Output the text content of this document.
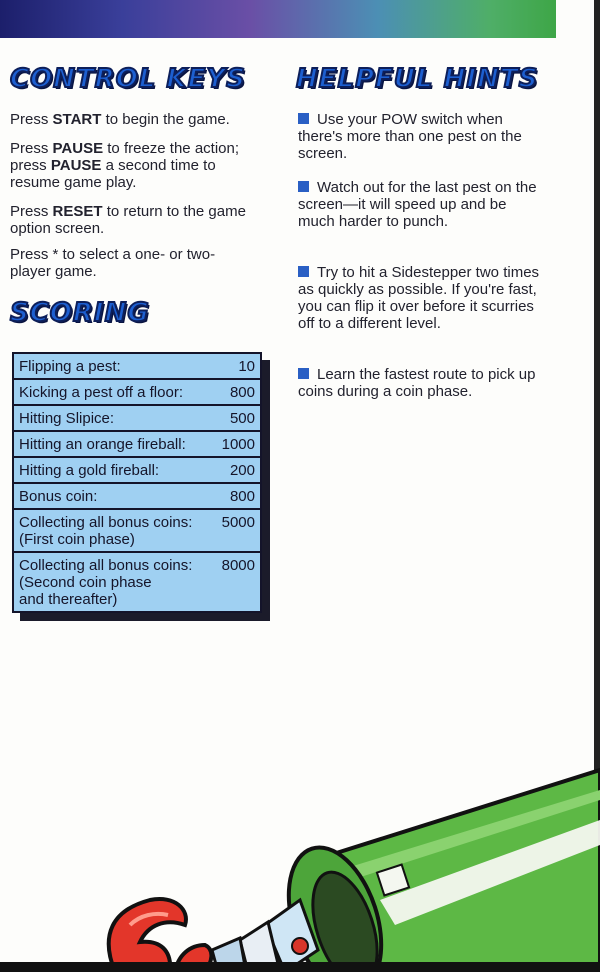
CONTROL KEYS
Press START to begin the game.
Press PAUSE to freeze the action; press PAUSE a second time to resume game play.
Press RESET to return to the game option screen.
Press * to select a one- or two-player game.
SCORING
Flipping a pest:	10
Kicking a pest off a floor:	800
Hitting Slipice:	500
Hitting an orange fireball: 1000
Hitting a gold fireball:	200
Bonus coin:	800
Collecting all bonus coins:
(First coin phase)
5000
Collecting all bonus coins:
(Second coin phase
and thereafter)
8000
HELPFUL HINTS
Use your POW switch when there's more than one pest on the screen.
Watch out for the last pest on the screen—it will speed up and be much harder to punch.
Try to hit a Sidestepper two times as quickly as possible. If you're fast, you can flip it over before it scurries off to a different level.
Learn the fastest route to pick up coins during a coin phase.
